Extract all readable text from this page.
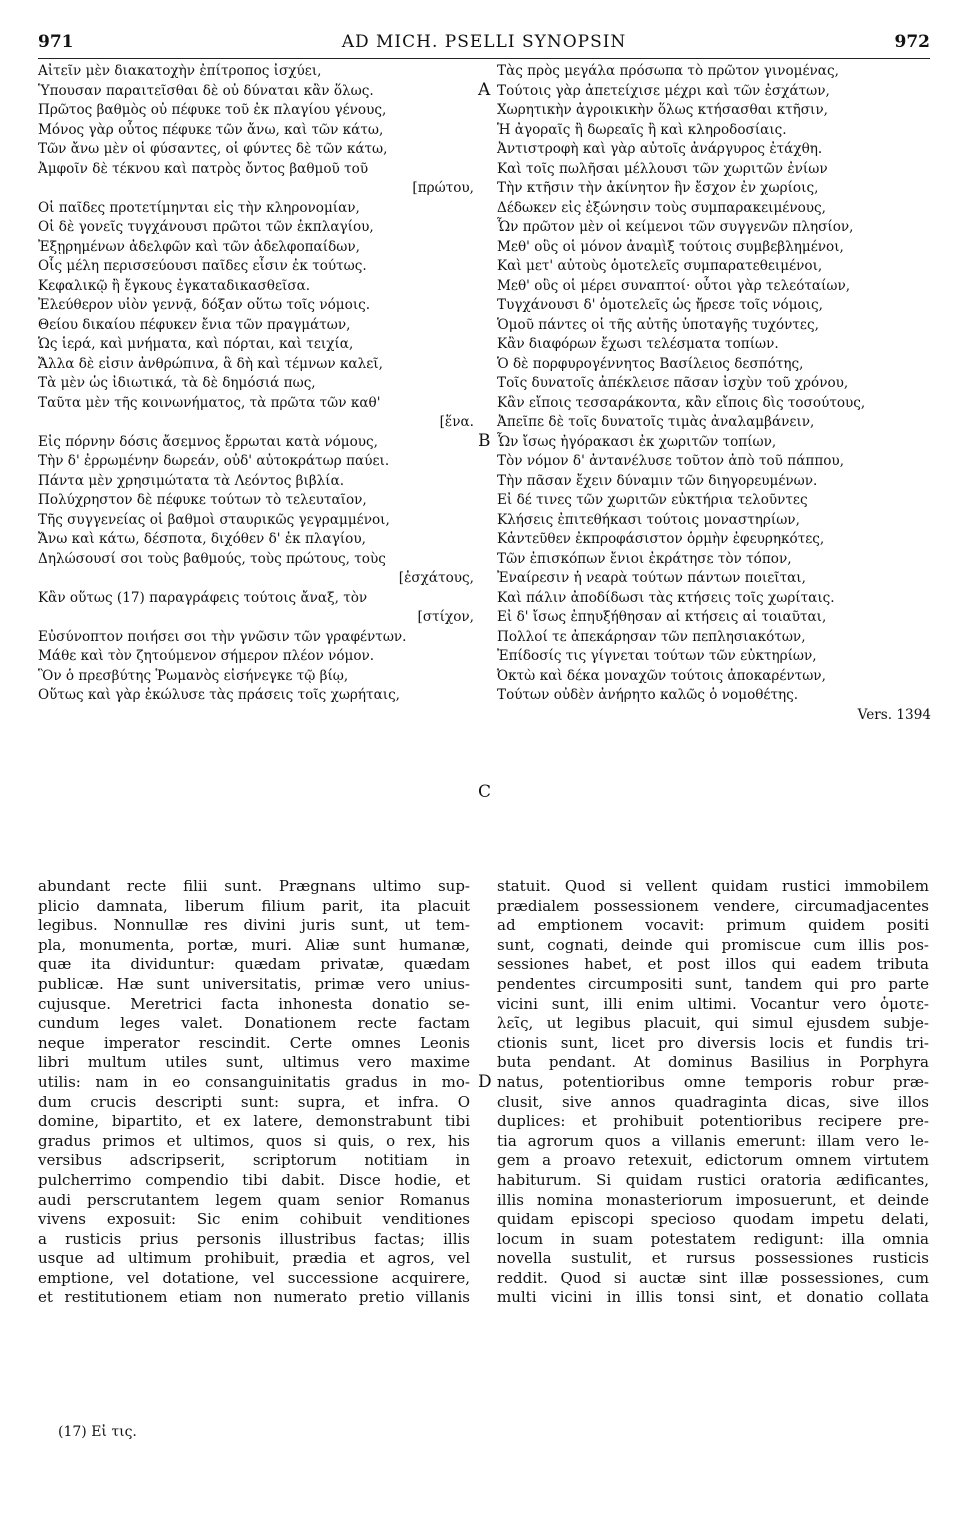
971	AD MICH. PSELLI SYNOPSIN	972
Αἰτεῖν μὲν διακατοχὴν ἐπίτροπος ἰσχύει,
Ὑπουσαν παραιτεῖσθαι δὲ οὐ δύναται κἂν ὅλως.
Πρῶτος βαθμὸς οὐ πέφυκε τοῦ ἐκ πλαγίου γένους,
Μόνος γὰρ οὗτος πέφυκε τῶν ἄνω, καὶ τῶν κάτω,
Τῶν ἄνω μὲν οἱ φύσαντες, οἱ φύντες δὲ τῶν κάτω,
Ἀμφοῖν δὲ τέκνου καὶ πατρὸς ὄντος βαθμοῦ τοῦ
[πρώτου,
Οἱ παῖδες προτετίμηνται εἰς τὴν κληρονομίαν,
Οἱ δὲ γονεῖς τυγχάνουσι πρῶτοι τῶν ἐκπλαγίου,
Ἐξῃρημένων ἀδελφῶν καὶ τῶν ἀδελφοπαίδων,
Οἷς μέλη περισσεύουσι παῖδες εἶσιν ἐκ τούτως.
Κεφαλικῷ ἢ ἔγκους ἐγκαταδικασθεῖσα.
Ἐλεύθερον υἱὸν γεννᾷ, δόξαν οὕτω τοῖς νόμοις.
Θείου δικαίου πέφυκεν ἔνια τῶν πραγμάτων,
Ὡς ἱερά, καὶ μνήματα, καὶ πόρται, καὶ τειχία,
Ἄλλα δὲ εἰσιν ἀνθρώπινα, ἃ δὴ καὶ τέμνων καλεῖ,
Τὰ μὲν ὡς ἰδιωτικά, τὰ δὲ δημόσιά πως,
Ταῦτα μὲν τῆς κοινωνήματος, τὰ πρῶτα τῶν καθ'
[ἕνα.
Εἰς πόρνην δόσις ἄσεμνος ἔρρωται κατὰ νόμους,
Τὴν δ' ἐρρωμένην δωρεάν, οὐδ' αὐτοκράτωρ παύει.
Πάντα μὲν χρησιμώτατα τὰ Λεόντος βιβλία.
Πολύχρηστον δὲ πέφυκε τούτων τὸ τελευταῖον,
Τῆς συγγενείας οἱ βαθμοὶ σταυρικῶς γεγραμμένοι,
Ἄνω καὶ κάτω, δέσποτα, διχόθεν δ' ἐκ πλαγίου,
Δηλώσουσί σοι τοὺς βαθμούς, τοὺς πρώτους, τοὺς
[ἐσχάτους,
Κἂν οὕτως (17) παραγράφεις τούτοις ἄναξ, τὸν
[στίχον,
Εὐσύνοπτον ποιήσει σοι τὴν γνῶσιν τῶν γραφέντων.
Μάθε καὶ τὸν ζητούμενον σήμερον πλέον νόμον.
Ὃν ὁ πρεσβύτης Ῥωμανὸς εἰσήνεγκε τῷ βίῳ,
Οὕτως καὶ γὰρ ἐκώλυσε τὰς πράσεις τοῖς χωρήταις,
Τὰς πρὸς μεγάλα πρόσωπα τὸ πρῶτον γινομένας,
Τούτοις γὰρ ἀπετείχισε μέχρι καὶ τῶν ἐσχάτων,
Χωρητικὴν ἀγροικικὴν ὅλως κτήσασθαι κτῆσιν,
Ἡ ἀγοραῖς ἢ δωρεαῖς ἢ καὶ κληροδοσίαις.
Ἀντιστροφὴ καὶ γὰρ αὐτοῖς ἀνάργυρος ἐτάχθη.
Καὶ τοῖς πωλῆσαι μέλλουσι τῶν χωριτῶν ἐνίων
Τὴν κτῆσιν τὴν ἀκίνητον ἣν ἔσχον ἐν χωρίοις,
Δέδωκεν εἰς ἐξώνησιν τοὺς συμπαρακειμένους,
Ὧν πρῶτον μὲν οἱ κείμενοι τῶν συγγενῶν πλησίον,
Μεθ' οὓς οἱ μόνον ἀναμὶξ τούτοις συμβεβλημένοι,
Καὶ μετ' αὐτοὺς ὁμοτελεῖς συμπαρατεθειμένοι,
Μεθ' οὓς οἱ μέρει συναπτοί· οὗτοι γὰρ τελεόταίων,
Τυγχάνουσι δ' ὁμοτελεῖς ὡς ἤρεσε τοῖς νόμοις,
Ὁμοῦ πάντες οἱ τῆς αὐτῆς ὑποταγῆς τυχόντες,
Κἂν διαφόρων ἔχωσι τελέσματα τοπίων.
Ὁ δὲ πορφυρογέννητος Βασίλειος δεσπότης,
Τοῖς δυνατοῖς ἀπέκλεισε πᾶσαν ἰσχὺν τοῦ χρόνου,
Κἂν εἴποις τεσσαράκοντα, κἂν εἴποις δὶς τοσούτους,
Ἀπεῖπε δὲ τοῖς δυνατοῖς τιμὰς ἀναλαμβάνειν,
Ὧν ἴσως ἠγόρακασι ἐκ χωριτῶν τοπίων,
Τὸν νόμον δ' ἀντανέλυσε τοῦτον ἀπὸ τοῦ πάππου,
Τὴν πᾶσαν ἔχειν δύναμιν τῶν διηγορευμένων.
Εἰ δέ τινες τῶν χωριτῶν εὐκτήρια τελοῦντες
Κλήσεις ἐπιτεθήκασι τούτοις μοναστηρίων,
Κἀντεῦθεν ἐκπροφάσιστον ὁρμὴν ἐφευρηκότες,
Τῶν ἐπισκόπων ἔνιοι ἐκράτησε τὸν τόπον,
Ἐναίρεσιν ἡ νεαρὰ τούτων πάντων ποιεῖται,
Καὶ πάλιν ἀποδίδωσι τὰς κτήσεις τοῖς χωρίταις.
Εἰ δ' ἴσως ἐπηυξήθησαν αἱ κτήσεις αἱ τοιαῦται,
Πολλοί τε ἀπεκάρησαν τῶν πεπλησιακότων,
Ἐπίδοσίς τις γίγνεται τούτων τῶν εὐκτηρίων,
Ὀκτὼ καὶ δέκα μοναχῶν τούτοις ἀποκαρέντων,
Τούτων οὐδὲν ἀνήρητο καλῶς ὁ νομοθέτης.
Vers. 1394
A
B
C
D
abundant recte filii sunt. Prægnans ultimo sup-
plicio damnata, liberum filium parit, ita placuit
legibus. Nonnullæ res divini juris sunt, ut tem-
pla, monumenta, portæ, muri. Aliæ sunt humanæ,
quæ ita dividuntur: quædam privatæ, quædam
publicæ. Hæ sunt universitatis, primæ vero unius-
cujusque. Meretrici facta inhonesta donatio se-
cundum leges valet. Donationem recte factam
neque imperator rescindit. Certe omnes Leonis
libri multum utiles sunt, ultimus vero maxime
utilis: nam in eo consanguinitatis gradus in mo-
dum crucis descripti sunt: supra, et infra. O
domine, bipartito, et ex latere, demonstrabunt tibi
gradus primos et ultimos, quos si quis, o rex, his
versibus adscripserit, scriptorum notitiam in
pulcherrimo compendio tibi dabit. Disce hodie, et
audi perscrutantem legem quam senior Romanus
vivens exposuit: Sic enim cohibuit venditiones
a rusticis prius personis illustribus factas; illis
usque ad ultimum prohibuit, prædia et agros, vel
emptione, vel dotatione, vel successione acquirere,
et restitutionem etiam non numerato pretio villanis
statuit. Quod si vellent quidam rustici immobilem
prædialem possessionem vendere, circumadjacentes
ad emptionem vocavit: primum quidem positi
sunt, cognati, deinde qui promiscue cum illis pos-
sessiones habet, et post illos qui eadem tributa
pendentes circumpositi sunt, tandem qui pro parte
vicini sunt, illi enim ultimi. Vocantur vero ὁμοτε-
λεῖς, ut legibus placuit, qui simul ejusdem subje-
ctionis sunt, licet pro diversis locis et fundis tri-
buta pendant. At dominus Basilius in Porphyra
natus, potentioribus omne temporis robur præ-
clusit, sive annos quadraginta dicas, sive illos
duplices: et prohibuit potentioribus recipere pre-
tia agrorum quos a villanis emerunt: illam vero le-
gem a proavo retexuit, edictorum omnem virtutem
habiturum. Si quidam rustici oratoria ædificantes,
illis nomina monasteriorum imposuerunt, et deinde
quidam episcopi specioso quodam impetu delati,
locum in suam potestatem redigunt: illa omnia
novella sustulit, et rursus possessiones rusticis
reddit. Quod si auctæ sint illæ possessiones, cum
multi vicini in illis tonsi sint, et donatio collata
(17) Εἰ τις.
